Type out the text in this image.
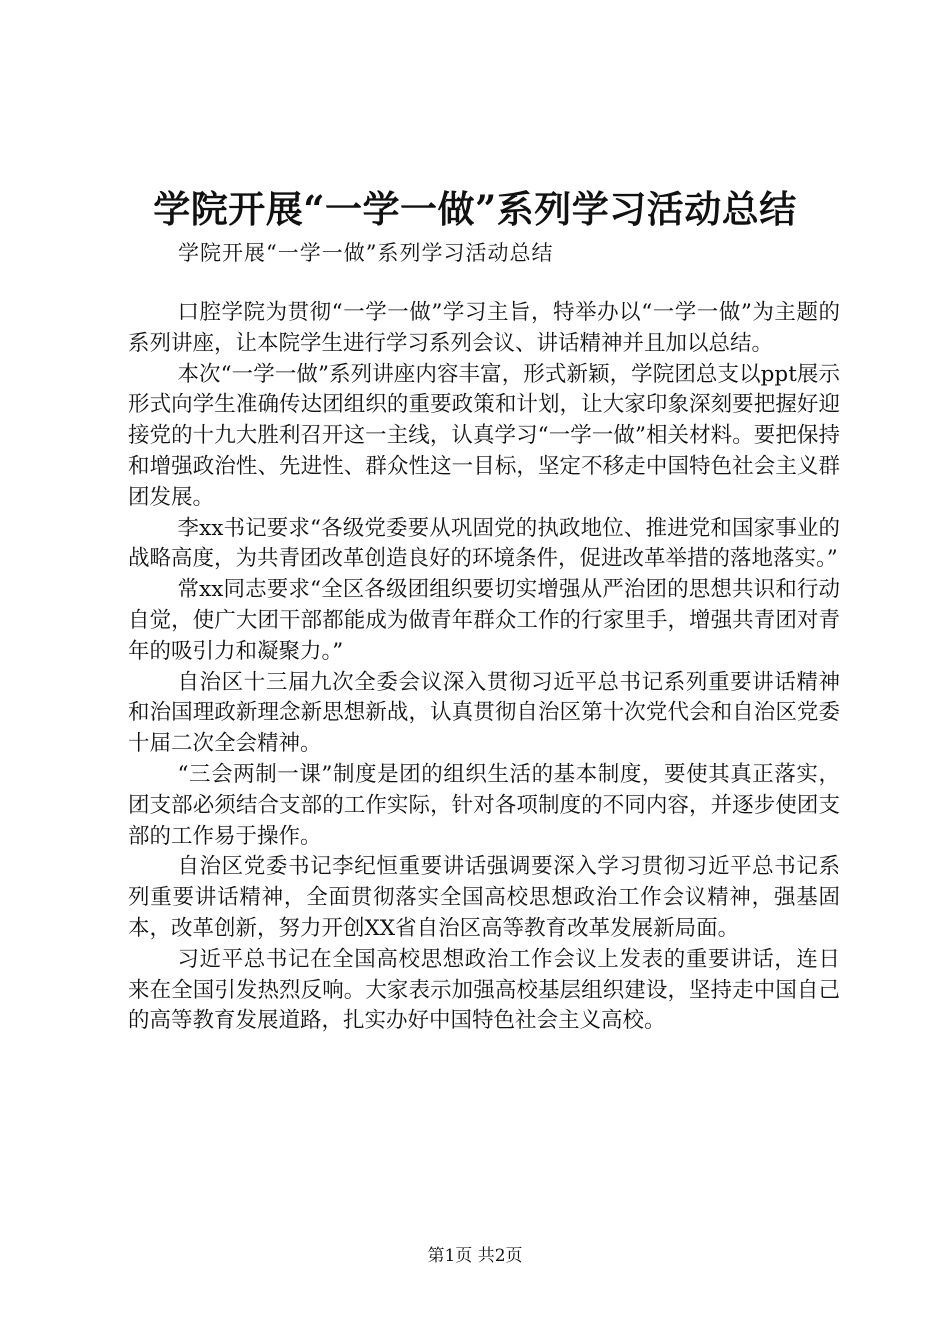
学院开展“一学一做”系列学习活动总结
学院开展“一学一做”系列学习活动总结

口腔学院为贯彻“一学一做”学习主旨，特举办以“一学一做”为主题的系列讲座，让本院学生进行学习系列会议、讲话精神并且加以总结。

本次“一学一做”系列讲座内容丰富，形式新颖，学院团总支以ppt展示形式向学生准确传达团组织的重要政策和计划，让大家印象深刻要把握好迎接党的十九大胜利召开这一主线，认真学习“一学一做”相关材料。要把保持和增强政治性、先进性、群众性这一目标，坚定不移走中国特色社会主义群团发展。

李xx书记要求“各级党委要从巩固党的执政地位、推进党和国家事业的战略高度，为共青团改革创造良好的环境条件，促进改革举措的落地落实。”

常xx同志要求“全区各级团组织要切实增强从严治团的思想共识和行动自觉，使广大团干部都能成为做青年群众工作的行家里手，增强共青团对青年的吸引力和凝聚力。”

自治区十三届九次全委会议深入贯彻习近平总书记系列重要讲话精神和治国理政新理念新思想新战，认真贯彻自治区第十次党代会和自治区党委十届二次全会精神。

“三会两制一课”制度是团的组织生活的基本制度，要使其真正落实，团支部必须结合支部的工作实际，针对各项制度的不同内容，并逐步使团支部的工作易于操作。

自治区党委书记李纪恒重要讲话强调要深入学习贯彻习近平总书记系列重要讲话精神，全面贯彻落实全国高校思想政治工作会议精神，强基固本，改革创新，努力开创XX省自治区高等教育改革发展新局面。

习近平总书记在全国高校思想政治工作会议上发表的重要讲话，连日来在全国引发热烈反响。大家表示加强高校基层组织建设，坚持走中国自己的高等教育发展道路，扎实办好中国特色社会主义高校。

第1页 共2页
